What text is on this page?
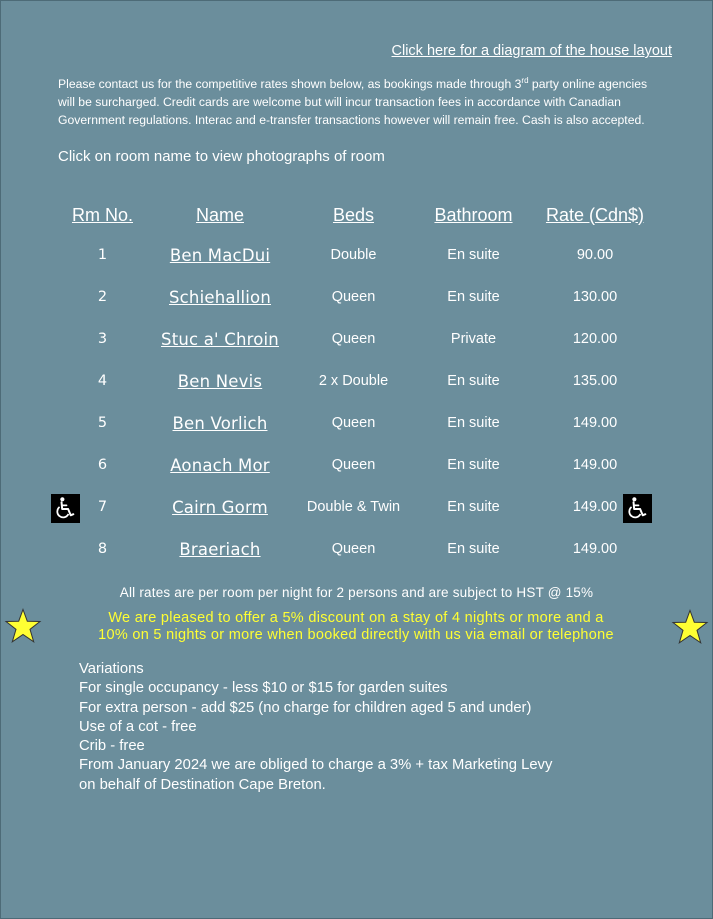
Click here for a diagram of the house layout
Please contact us for the competitive rates shown below, as bookings made through 3rd party online agencies will be surcharged. Credit cards are welcome but will incur transaction fees in accordance with Canadian Government regulations. Interac and e-transfer transactions however will remain free. Cash is also accepted.
Click on room name to view photographs of room
Rm No.	Name	Beds	Bathroom	Rate (Cdn$)
1	Ben MacDui	Double	En suite	90.00
2	Schiehallion	Queen	En suite	130.00
3	Stuc a' Chroin	Queen	Private	120.00
4	Ben Nevis	2 x Double	En suite	135.00
5	Ben Vorlich	Queen	En suite	149.00
6	Aonach Mor	Queen	En suite	149.00
7	Cairn Gorm	Double & Twin	En suite	149.00
8	Braeriach	Queen	En suite	149.00
All rates are per room per night for 2 persons and are subject to HST @ 15%
We are pleased to offer a 5% discount on a stay of 4 nights or more and a
10% on 5 nights or more when booked directly with us via email or telephone
Variations
For single occupancy - less $10 or $15 for garden suites
For extra person - add $25 (no charge for children aged 5 and under)
Use of a cot - free
Crib - free
From January 2024 we are obliged to charge a 3% + tax Marketing Levy
on behalf of Destination Cape Breton.
